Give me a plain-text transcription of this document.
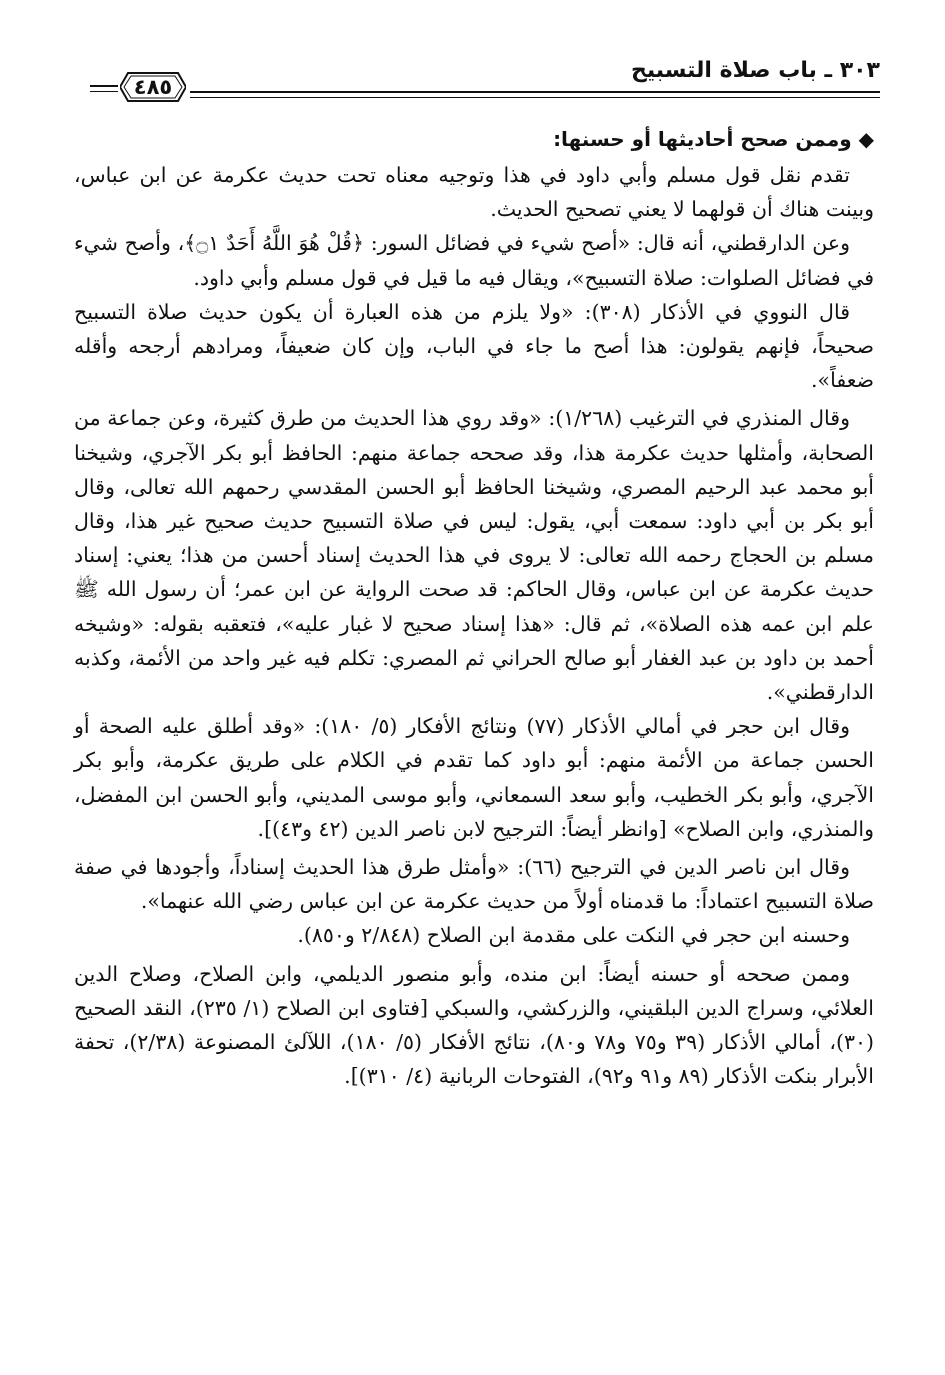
٣٠٣ ـ باب صلاة التسبيح
٤٨٥
‏◆ وممن صحح أحاديثها أو حسنها:

تقدم نقل قول مسلم وأبي داود في هذا وتوجيه معناه تحت حديث عكرمة عن ابن عباس، وبينت هناك أن قولهما لا يعني تصحيح الحديث.

وعن الدارقطني، أنه قال: «أصح شيء في فضائل السور: ﴿قُلْ هُوَ اللَّهُ أَحَدٌ ۝١﴾، وأصح شيء في فضائل الصلوات: صلاة التسبيح»، ويقال فيه ما قيل في قول مسلم وأبي داود.

قال النووي في الأذكار (٣٠٨): «ولا يلزم من هذه العبارة أن يكون حديث صلاة التسبيح صحيحاً، فإنهم يقولون: هذا أصح ما جاء في الباب، وإن كان ضعيفاً، ومرادهم أرجحه وأقله ضعفاً».

وقال المنذري في الترغيب (١/٢٦٨): «وقد روي هذا الحديث من طرق كثيرة، وعن جماعة من الصحابة، وأمثلها حديث عكرمة هذا، وقد صححه جماعة منهم: الحافظ أبو بكر الآجري، وشيخنا أبو محمد عبد الرحيم المصري، وشيخنا الحافظ أبو الحسن المقدسي رحمهم الله تعالى، وقال أبو بكر بن أبي داود: سمعت أبي، يقول: ليس في صلاة التسبيح حديث صحيح غير هذا، وقال مسلم بن الحجاج رحمه الله تعالى: لا يروى في هذا الحديث إسناد أحسن من هذا؛ يعني: إسناد حديث عكرمة عن ابن عباس، وقال الحاكم: قد صحت الرواية عن ابن عمر؛ أن رسول الله ﷺ علم ابن عمه هذه الصلاة»، ثم قال: «هذا إسناد صحيح لا غبار عليه»، فتعقبه بقوله: «وشيخه أحمد بن داود بن عبد الغفار أبو صالح الحراني ثم المصري: تكلم فيه غير واحد من الأئمة، وكذبه الدارقطني».

وقال ابن حجر في أمالي الأذكار (٧٧) ونتائج الأفكار (٥/ ١٨٠): «وقد أطلق عليه الصحة أو الحسن جماعة من الأئمة منهم: أبو داود كما تقدم في الكلام على طريق عكرمة، وأبو بكر الآجري، وأبو بكر الخطيب، وأبو سعد السمعاني، وأبو موسى المديني، وأبو الحسن ابن المفضل، والمنذري، وابن الصلاح» [وانظر أيضاً: الترجيح لابن ناصر الدين (٤٢ و٤٣)].

وقال ابن ناصر الدين في الترجيح (٦٦): «وأمثل طرق هذا الحديث إسناداً، وأجودها في صفة صلاة التسبيح اعتماداً: ما قدمناه أولاً من حديث عكرمة عن ابن عباس رضي الله عنهما».

وحسنه ابن حجر في النكت على مقدمة ابن الصلاح (٢/٨٤٨ و٨٥٠).

وممن صححه أو حسنه أيضاً: ابن منده، وأبو منصور الديلمي، وابن الصلاح، وصلاح الدين العلائي، وسراج الدين البلقيني، والزركشي، والسبكي [فتاوى ابن الصلاح (١/ ٢٣٥)، النقد الصحيح (٣٠)، أمالي الأذكار (٣٩ و٧٥ و٧٨ و٨٠)، نتائج الأفكار (٥/ ١٨٠)، اللآلئ المصنوعة (٢/٣٨)، تحفة الأبرار بنكت الأذكار (٨٩ و٩١ و٩٢)، الفتوحات الربانية (٤/ ٣١٠)].
